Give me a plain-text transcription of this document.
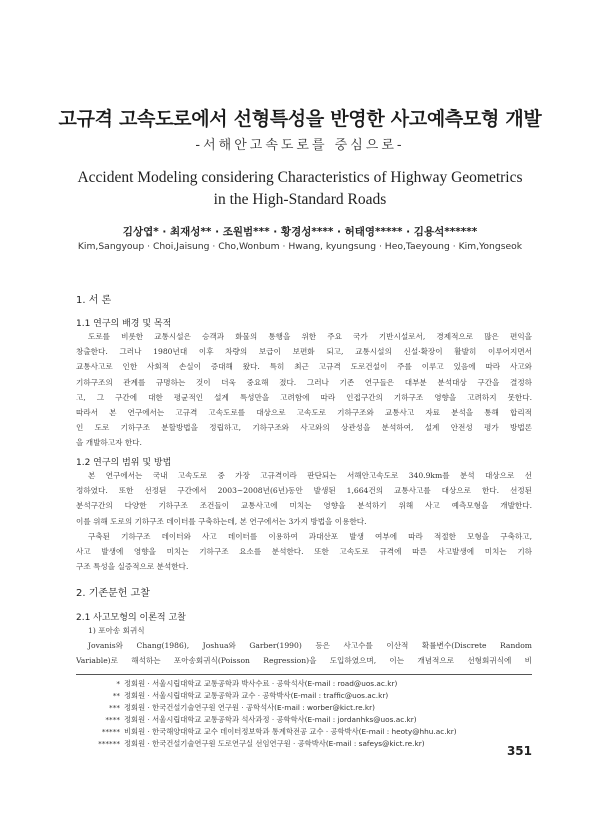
고규격 고속도로에서 선형특성을 반영한 사고예측모형 개발
-서해안고속도로를 중심으로-
Accident Modeling considering Characteristics of Highway Geometrics
in the High-Standard Roads
김상엽* · 최재성** · 조원범*** · 황경성**** · 허태영***** · 김용석******
Kim,Sangyoup · Choi,Jaisung · Cho,Wonbum · Hwang, kyungsung · Heo,Taeyoung · Kim,Yongseok
1. 서 론
1.1 연구의 배경 및 목적
도로를 비롯한 교통시설은 승객과 화물의 통행을 위한 주요 국가 기반시설로서, 경제적으로 많은 편익을
창출한다. 그러나 1980년대 이후 차량의 보급이 보편화 되고, 교통시설의 신설·확장이 활발히 이루어지면서
교통사고로 인한 사회적 손실이 증대해 왔다. 특히 최근 고규격 도로건설이 주를 이루고 있음에 따라 사고와
기하구조의 관계를 규명하는 것이 더욱 중요해 졌다. 그러나 기존 연구들은 대부분 분석대상 구간을 결정하
고, 그 구간에 대한 평균적인 설계 특성만을 고려함에 따라 인접구간의 기하구조 영향을 고려하지 못한다.
따라서 본 연구에서는 고규격 고속도로를 대상으로 고속도로 기하구조와 교통사고 자료 분석을 통해 합리적
인 도로 기하구조 분할방법을 정립하고, 기하구조와 사고와의 상관성을 분석하여, 설계 안전성 평가 방법론
을 개발하고자 한다.
1.2 연구의 범위 및 방법
본 연구에서는 국내 고속도로 중 가장 고규격이라 판단되는 서해안고속도로 340.9km를 분석 대상으로 선
정하였다. 또한 선정된 구간에서 2003~2008년(6년)동안 발생된 1,664건의 교통사고를 대상으로 한다. 선정된
분석구간의 다양한 기하구조 조건들이 교통사고에 미치는 영향을 분석하기 위해 사고 예측모형을 개발한다.
이를 위해 도로의 기하구조 데이터를 구축하는데, 본 연구에서는 3가지 방법을 이용한다.
구축된 기하구조 데이터와 사고 데이터를 이용하여 과대산포 발생 여부에 따라 적절한 모형을 구축하고,
사고 발생에 영향을 미치는 기하구조 요소를 분석한다. 또한 고속도로 규격에 따른 사고발생에 미치는 기하
구조 특성을 실증적으로 분석한다.
2. 기존문헌 고찰
2.1 사고모형의 이론적 고찰
1) 포아송 회귀식
Jovanis와 Chang(1986), Joshua와 Garber(1990) 등은 사고수를 이산적 확률변수(Discrete Random
Variable)로 해석하는 포아송회귀식(Poisson Regression)을 도입하였으며, 이는 개념적으로 선형회귀식에 비
* 정회원 · 서울시립대학교 교통공학과 박사수료 · 공학석사(E-mail : road@uos.ac.kr)
** 정회원 · 서울시립대학교 교통공학과 교수 · 공학박사(E-mail : traffic@uos.ac.kr)
*** 정회원 · 한국건설기술연구원 연구원 · 공학석사(E-mail : worber@kict.re.kr)
**** 정회원 · 서울시립대학교 교통공학과 석사과정 · 공학학사(E-mail : jordanhks@uos.ac.kr)
***** 비회원 · 한국해양대학교 교수 데이터정보학과 통계학전공 교수 · 공학박사(E-mail : heoty@hhu.ac.kr)
****** 정회원 · 한국건설기술연구원 도로연구실 선임연구원 · 공학박사(E-mail : safeys@kict.re.kr)
351
